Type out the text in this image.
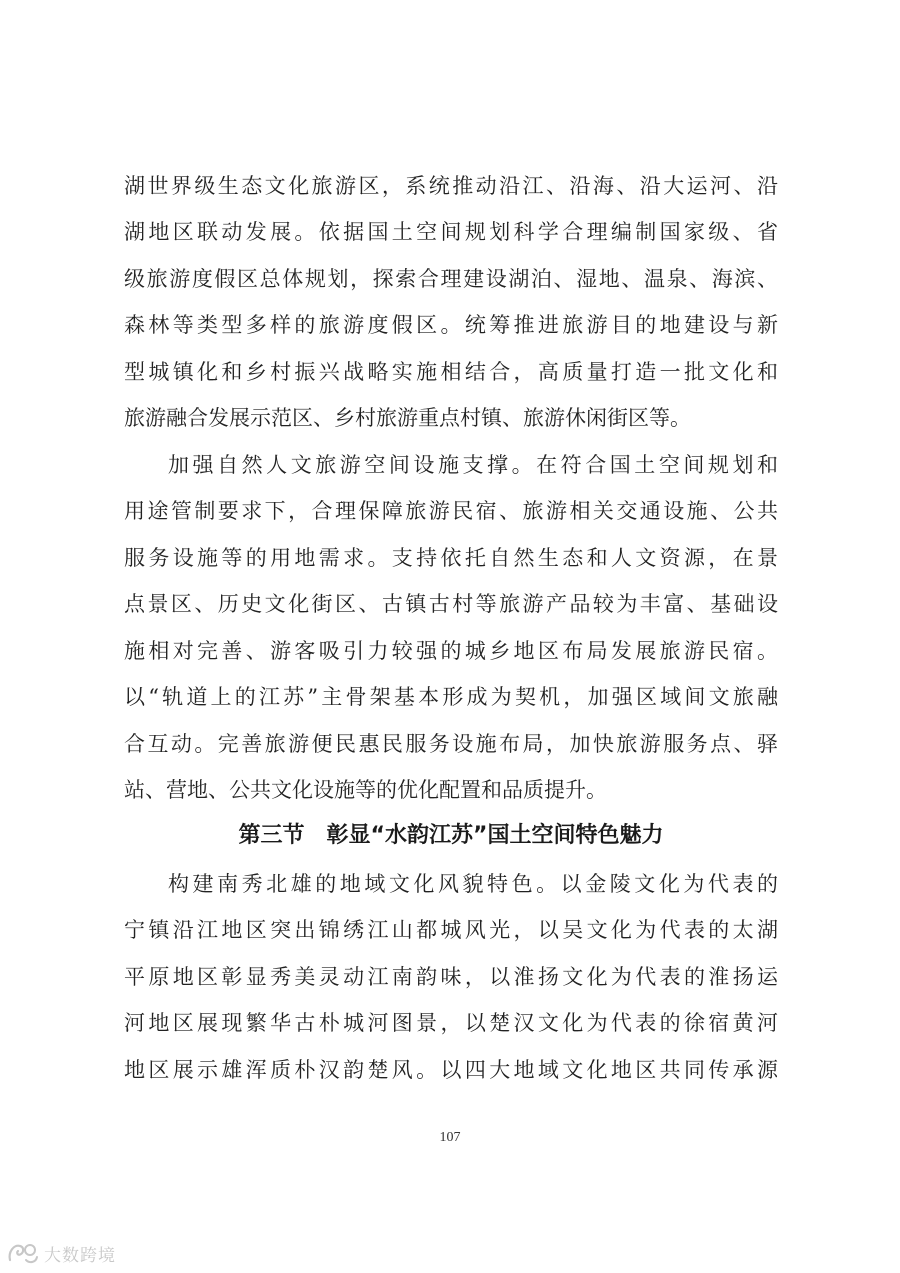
湖世界级生态文化旅游区，系统推动沿江、沿海、沿大运河、沿
湖地区联动发展。依据国土空间规划科学合理编制国家级、省
级旅游度假区总体规划，探索合理建设湖泊、湿地、温泉、海滨、
森林等类型多样的旅游度假区。统筹推进旅游目的地建设与新
型城镇化和乡村振兴战略实施相结合，高质量打造一批文化和
旅游融合发展示范区、乡村旅游重点村镇、旅游休闲街区等。
加强自然人文旅游空间设施支撑。在符合国土空间规划和
用途管制要求下，合理保障旅游民宿、旅游相关交通设施、公共
服务设施等的用地需求。支持依托自然生态和人文资源，在景
点景区、历史文化街区、古镇古村等旅游产品较为丰富、基础设
施相对完善、游客吸引力较强的城乡地区布局发展旅游民宿。
以“轨道上的江苏”主骨架基本形成为契机，加强区域间文旅融
合互动。完善旅游便民惠民服务设施布局，加快旅游服务点、驿
站、营地、公共文化设施等的优化配置和品质提升。
第三节　彰显“水韵江苏”国土空间特色魅力
构建南秀北雄的地域文化风貌特色。以金陵文化为代表的
宁镇沿江地区突出锦绣江山都城风光，以吴文化为代表的太湖
平原地区彰显秀美灵动江南韵味，以淮扬文化为代表的淮扬运
河地区展现繁华古朴城河图景，以楚汉文化为代表的徐宿黄河
地区展示雄浑质朴汉韵楚风。以四大地域文化地区共同传承源
107
大数跨境
